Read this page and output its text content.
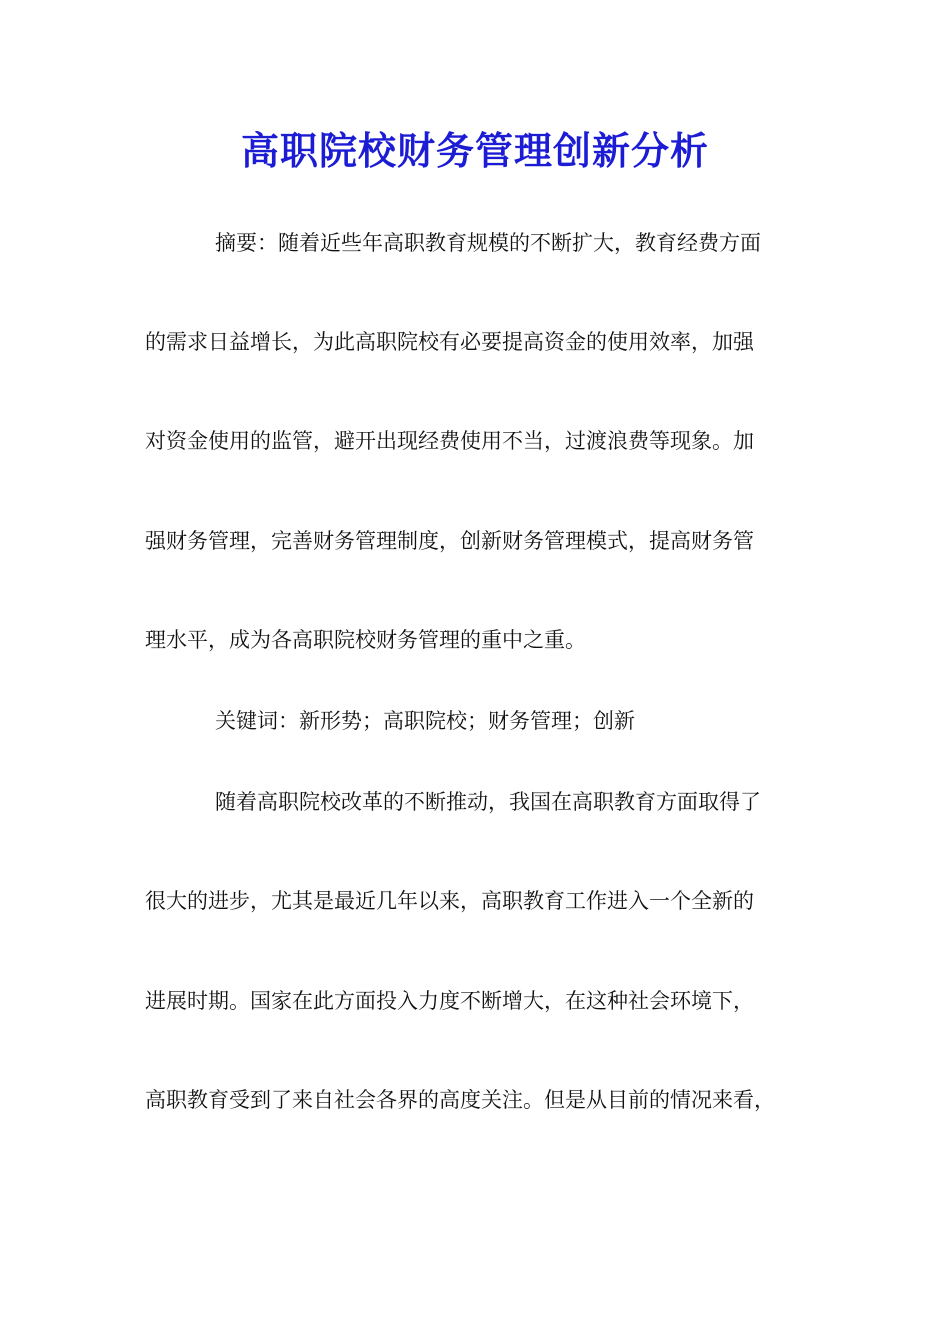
高职院校财务管理创新分析

摘要：随着近些年高职教育规模的不断扩大，教育经费方面

的需求日益增长，为此高职院校有必要提高资金的使用效率，加强

对资金使用的监管，避开出现经费使用不当，过渡浪费等现象。加

强财务管理，完善财务管理制度，创新财务管理模式，提高财务管

理水平，成为各高职院校财务管理的重中之重。

关键词：新形势；高职院校；财务管理；创新

随着高职院校改革的不断推动，我国在高职教育方面取得了

很大的进步，尤其是最近几年以来，高职教育工作进入一个全新的

进展时期。国家在此方面投入力度不断增大，在这种社会环境下，

高职教育受到了来自社会各界的高度关注。但是从目前的情况来看，
